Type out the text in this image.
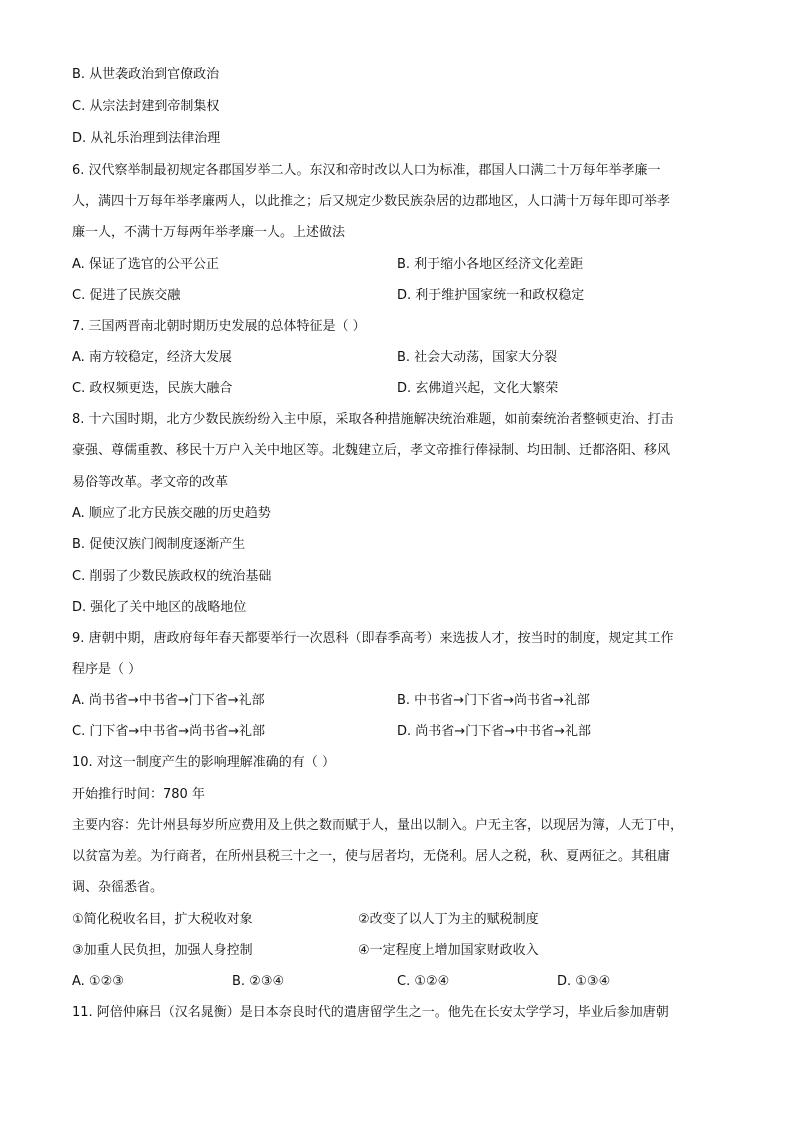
B. 从世袭政治到官僚政治
C. 从宗法封建到帝制集权
D. 从礼乐治理到法律治理
6. 汉代察举制最初规定各郡国岁举二人。东汉和帝时改以人口为标准，郡国人口满二十万每年举孝廉一
人，满四十万每年举孝廉两人，以此推之；后又规定少数民族杂居的边郡地区，人口满十万每年即可举孝
廉一人，不满十万每两年举孝廉一人。上述做法
A. 保证了选官的公平公正	B. 利于缩小各地区经济文化差距
C. 促进了民族交融	D. 利于维护国家统一和政权稳定
7. 三国两晋南北朝时期历史发展的总体特征是（ ）
A. 南方较稳定，经济大发展	B. 社会大动荡，国家大分裂
C. 政权频更迭，民族大融合	D. 玄佛道兴起，文化大繁荣
8. 十六国时期，北方少数民族纷纷入主中原，采取各种措施解决统治难题，如前秦统治者整顿吏治、打击
豪强、尊儒重教、移民十万户入关中地区等。北魏建立后，孝文帝推行俸禄制、均田制、迁都洛阳、移风
易俗等改革。孝文帝的改革
A. 顺应了北方民族交融的历史趋势
B. 促使汉族门阀制度逐渐产生
C. 削弱了少数民族政权的统治基础
D. 强化了关中地区的战略地位
9. 唐朝中期，唐政府每年春天都要举行一次恩科（即春季高考）来选拔人才，按当时的制度，规定其工作
程序是（ ）
A. 尚书省→中书省→门下省→礼部	B. 中书省→门下省→尚书省→礼部
C. 门下省→中书省→尚书省→礼部	D. 尚书省→门下省→中书省→礼部
10. 对这一制度产生的影响理解准确的有（ ）
开始推行时间：780 年
主要内容：先计州县每岁所应费用及上供之数而赋于人，量出以制入。户无主客，以现居为簿，人无丁中，
以贫富为差。为行商者，在所州县税三十之一，使与居者均，无侥利。居人之税，秋、夏两征之。其租庸
调、杂徭悉省。
①简化税收名目，扩大税收对象	②改变了以人丁为主的赋税制度
③加重人民负担，加强人身控制	④一定程度上增加国家财政收入
A. ①②③	B. ②③④	C. ①②④	D. ①③④
11. 阿倍仲麻吕（汉名晁衡）是日本奈良时代的遣唐留学生之一。他先在长安太学学习，毕业后参加唐朝
